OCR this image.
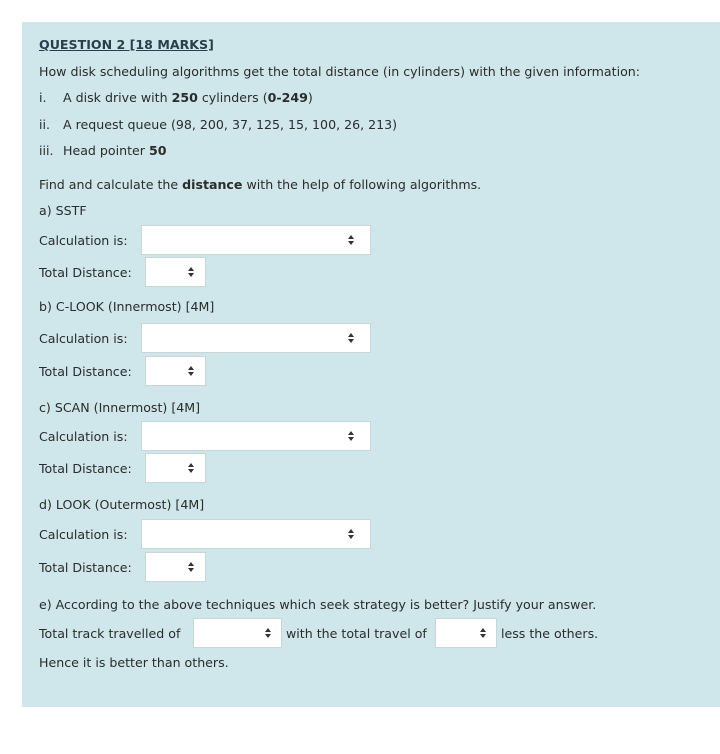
QUESTION 2 [18 MARKS]
How disk scheduling algorithms get the total distance (in cylinders) with the given information:
i. A disk drive with 250 cylinders (0-249)
ii. A request queue (98, 200, 37, 125, 15, 100, 26, 213)
iii. Head pointer 50
Find and calculate the distance with the help of following algorithms.
a) SSTF
Calculation is:
Total Distance:
b) C-LOOK (Innermost) [4M]
Calculation is:
Total Distance:
c) SCAN (Innermost) [4M]
Calculation is:
Total Distance:
d) LOOK (Outermost) [4M]
Calculation is:
Total Distance:
e) According to the above techniques which seek strategy is better? Justify your answer.
Total track travelled of	with the total travel of	less the others.
Hence it is better than others.
